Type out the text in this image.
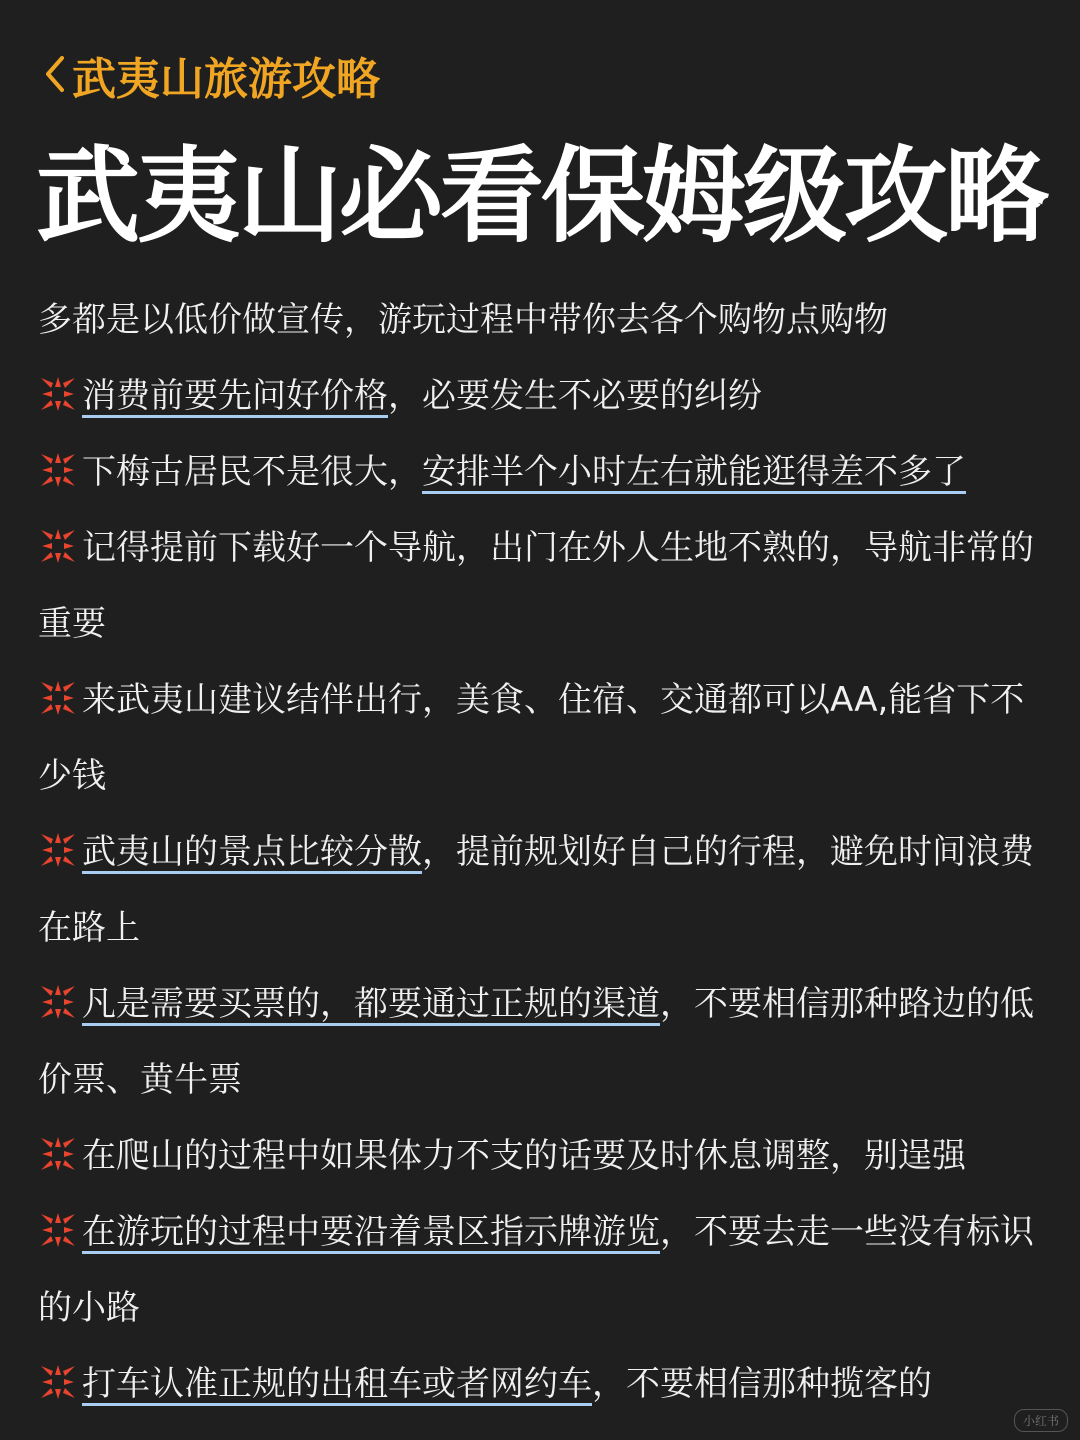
武夷山旅游攻略
武夷山必看保姆级攻略

多都是以低价做宣传，游玩过程中带你去各个购物点购物

消费前要先问好价格，必要发生不必要的纠纷

下梅古居民不是很大，安排半个小时左右就能逛得差不多了

记得提前下载好一个导航，出门在外人生地不熟的，导航非常的重要

来武夷山建议结伴出行，美食、住宿、交通都可以AA,能省下不少钱

武夷山的景点比较分散，提前规划好自己的行程，避免时间浪费在路上

凡是需要买票的，都要通过正规的渠道，不要相信那种路边的低价票、黄牛票

在爬山的过程中如果体力不支的话要及时休息调整，别逞强

在游玩的过程中要沿着景区指示牌游览，不要去走一些没有标识的小路

打车认准正规的出租车或者网约车，不要相信那种揽客的

小红书
